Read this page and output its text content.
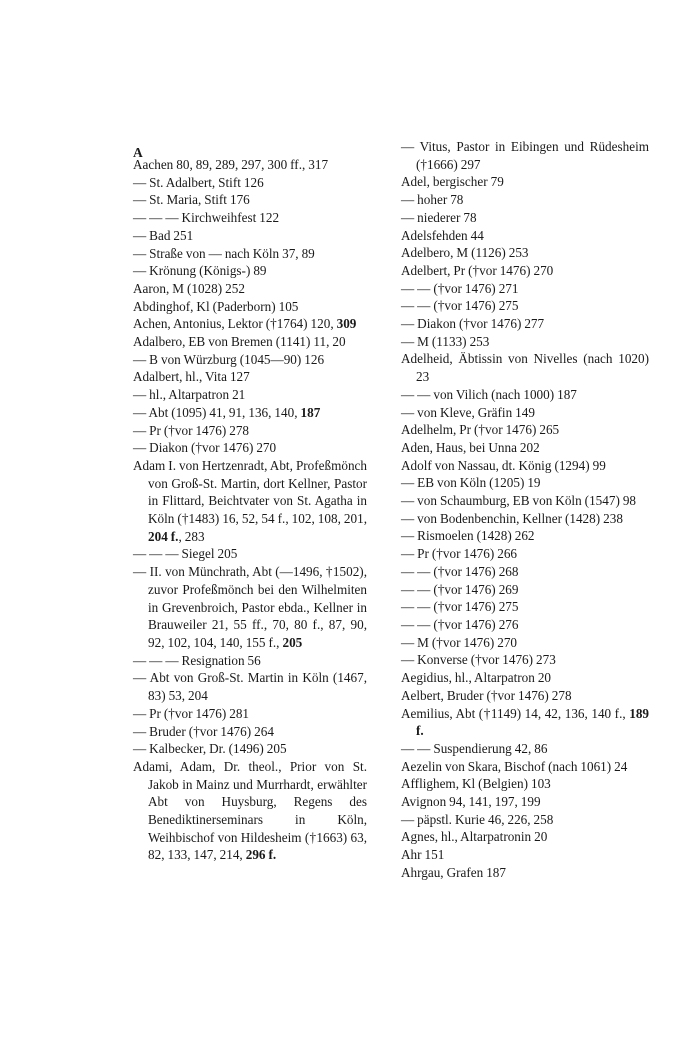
A
Aachen 80, 89, 289, 297, 300 ff., 317
— St. Adalbert, Stift 126
— St. Maria, Stift 176
— — — Kirchweihfest 122
— Bad 251
— Straße von — nach Köln 37, 89
— Krönung (Königs-) 89
Aaron, M (1028) 252
Abdinghof, Kl (Paderborn) 105
Achen, Antonius, Lektor (†1764) 120, 309
Adalbero, EB von Bremen (1141) 11, 20
— B von Würzburg (1045—90) 126
Adalbert, hl., Vita 127
— hl., Altarpatron 21
— Abt (1095) 41, 91, 136, 140, 187
— Pr (†vor 1476) 278
— Diakon (†vor 1476) 270
Adam I. von Hertzenradt, Abt, Profeßmönch von Groß-St. Martin, dort Kellner, Pastor in Flittard, Beichtvater von St. Agatha in Köln (†1483) 16, 52, 54 f., 102, 108, 201, 204 f., 283
— — — Siegel 205
— II. von Münchrath, Abt (—1496, †1502), zuvor Profeßmönch bei den Wilhelmiten in Grevenbroich, Pastor ebda., Kellner in Brauweiler 21, 55 ff., 70, 80 f., 87, 90, 92, 102, 104, 140, 155 f., 205
— — — Resignation 56
— Abt von Groß-St. Martin in Köln (1467, 83) 53, 204
— Pr (†vor 1476) 281
— Bruder (†vor 1476) 264
— Kalbecker, Dr. (1496) 205
Adami, Adam, Dr. theol., Prior von St. Jakob in Mainz und Murrhardt, erwählter Abt von Huysburg, Regens des Benediktinerseminars in Köln, Weihbischof von Hildesheim (†1663) 63, 82, 133, 147, 214, 296 f.
— Vitus, Pastor in Eibingen und Rüdesheim (†1666) 297
Adel, bergischer 79
— hoher 78
— niederer 78
Adelsfehden 44
Adelbero, M (1126) 253
Adelbert, Pr (†vor 1476) 270
— — (†vor 1476) 271
— — (†vor 1476) 275
— Diakon (†vor 1476) 277
— M (1133) 253
Adelheid, Äbtissin von Nivelles (nach 1020) 23
— — von Vilich (nach 1000) 187
— von Kleve, Gräfin 149
Adelhelm, Pr (†vor 1476) 265
Aden, Haus, bei Unna 202
Adolf von Nassau, dt. König (1294) 99
— EB von Köln (1205) 19
— von Schaumburg, EB von Köln (1547) 98
— von Bodenbenchin, Kellner (1428) 238
— Rismoelen (1428) 262
— Pr (†vor 1476) 266
— — (†vor 1476) 268
— — (†vor 1476) 269
— — (†vor 1476) 275
— — (†vor 1476) 276
— M (†vor 1476) 270
— Konverse (†vor 1476) 273
Aegidius, hl., Altarpatron 20
Aelbert, Bruder (†vor 1476) 278
Aemilius, Abt (†1149) 14, 42, 136, 140 f., 189 f.
— — Suspendierung 42, 86
Aezelin von Skara, Bischof (nach 1061) 24
Afflighem, Kl (Belgien) 103
Avignon 94, 141, 197, 199
— päpstl. Kurie 46, 226, 258
Agnes, hl., Altarpatronin 20
Ahr 151
Ahrgau, Grafen 187
